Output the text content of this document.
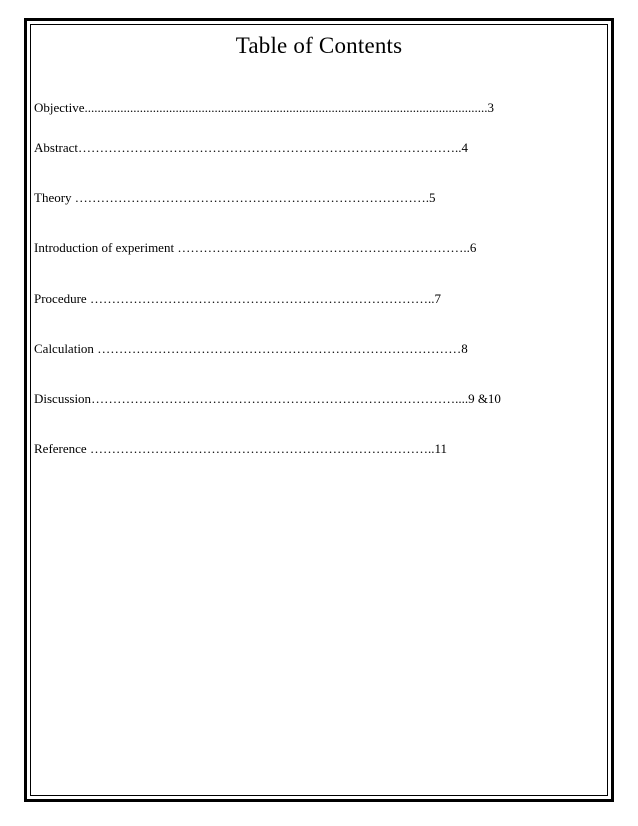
Table of Contents
Objective............................................................................................................................3
Abstract……………………………………………………………………………..4
Theory ……………………………………………………………………….5
Introduction of experiment …………………………………………………………..6
Procedure ……………………………………………………………………..7
Calculation …………………………………………………………………………8
Discussion…………………………………………………………………………....9 &10
Reference ……………………………………………………………………..11
